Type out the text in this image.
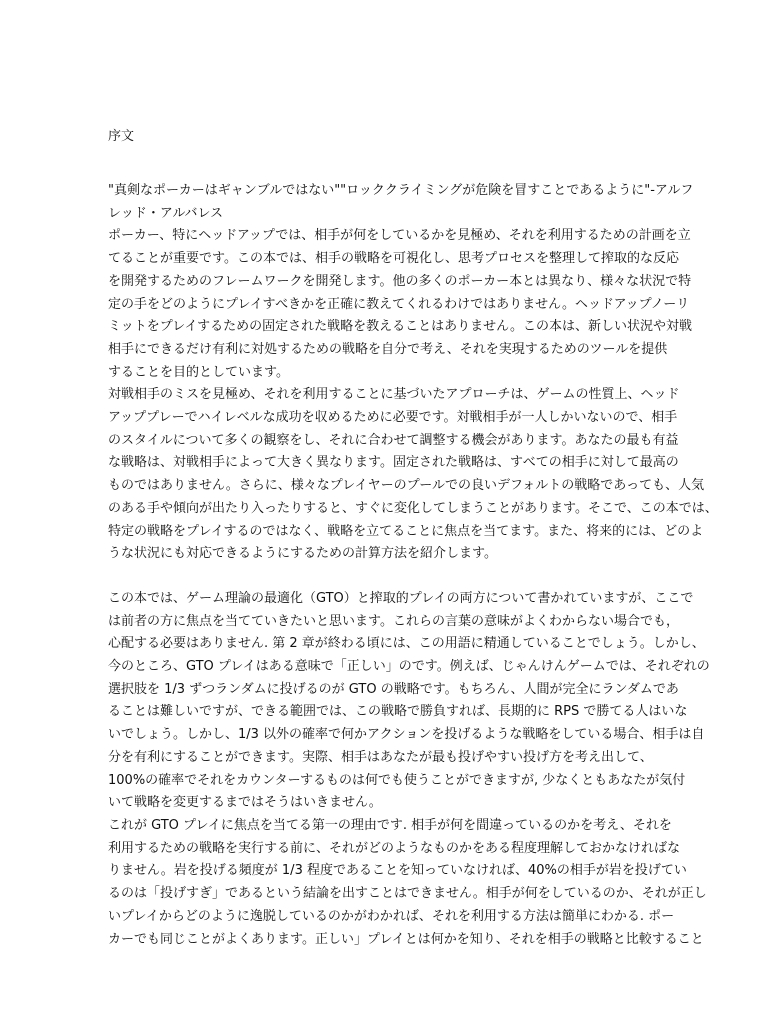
序文

"真剣なポーカーはギャンブルではない""ロッククライミングが危険を冒すことであるように"-アルフ
レッド・アルバレス

ポーカー、特にヘッドアップでは、相手が何をしているかを見極め、それを利用するための計画を立
てることが重要です。この本では、相手の戦略を可視化し、思考プロセスを整理して搾取的な反応
を開発するためのフレームワークを開発します。他の多くのポーカー本とは異なり、様々な状況で特
定の手をどのようにプレイすべきかを正確に教えてくれるわけではありません。ヘッドアップノーリ
ミットをプレイするための固定された戦略を教えることはありません。この本は、新しい状況や対戦
相手にできるだけ有利に対処するための戦略を自分で考え、それを実現するためのツールを提供
することを目的としています。

対戦相手のミスを見極め、それを利用することに基づいたアプローチは、ゲームの性質上、ヘッド
アッププレーでハイレベルな成功を収めるために必要です。対戦相手が一人しかいないので、相手
のスタイルについて多くの観察をし、それに合わせて調整する機会があります。あなたの最も有益
な戦略は、対戦相手によって大きく異なります。固定された戦略は、すべての相手に対して最高の
ものではありません。さらに、様々なプレイヤーのプールでの良いデフォルトの戦略であっても、人気
のある手や傾向が出たり入ったりすると、すぐに変化してしまうことがあります。そこで、この本では、
特定の戦略をプレイするのではなく、戦略を立てることに焦点を当てます。また、将来的には、どのよ
うな状況にも対応できるようにするための計算方法を紹介します。

この本では、ゲーム理論の最適化（GTO）と搾取的プレイの両方について書かれていますが、ここで
は前者の方に焦点を当てていきたいと思います。これらの言葉の意味がよくわからない場合でも，
心配する必要はありません. 第 2 章が終わる頃には、この用語に精通していることでしょう。しかし、
今のところ、GTO プレイはある意味で「正しい」のです。例えば、じゃんけんゲームでは、それぞれの
選択肢を 1/3 ずつランダムに投げるのが GTO の戦略です。もちろん、人間が完全にランダムであ
ることは難しいですが、できる範囲では、この戦略で勝負すれば、長期的に RPS で勝てる人はいな
いでしょう。しかし、1/3 以外の確率で何かアクションを投げるような戦略をしている場合、相手は自
分を有利にすることができます。実際、相手はあなたが最も投げやすい投げ方を考え出して、
100%の確率でそれをカウンターするものは何でも使うことができますが, 少なくともあなたが気付
いて戦略を変更するまではそうはいきません。

これが GTO プレイに焦点を当てる第一の理由です. 相手が何を間違っているのかを考え、それを
利用するための戦略を実行する前に、それがどのようなものかをある程度理解しておかなければな
りません。岩を投げる頻度が 1/3 程度であることを知っていなければ、40%の相手が岩を投げてい
るのは「投げすぎ」であるという結論を出すことはできません。相手が何をしているのか、それが正し
いプレイからどのように逸脱しているのかがわかれば、それを利用する方法は簡単にわかる. ポー
カーでも同じことがよくあります。正しい」プレイとは何かを知り、それを相手の戦略と比較すること
